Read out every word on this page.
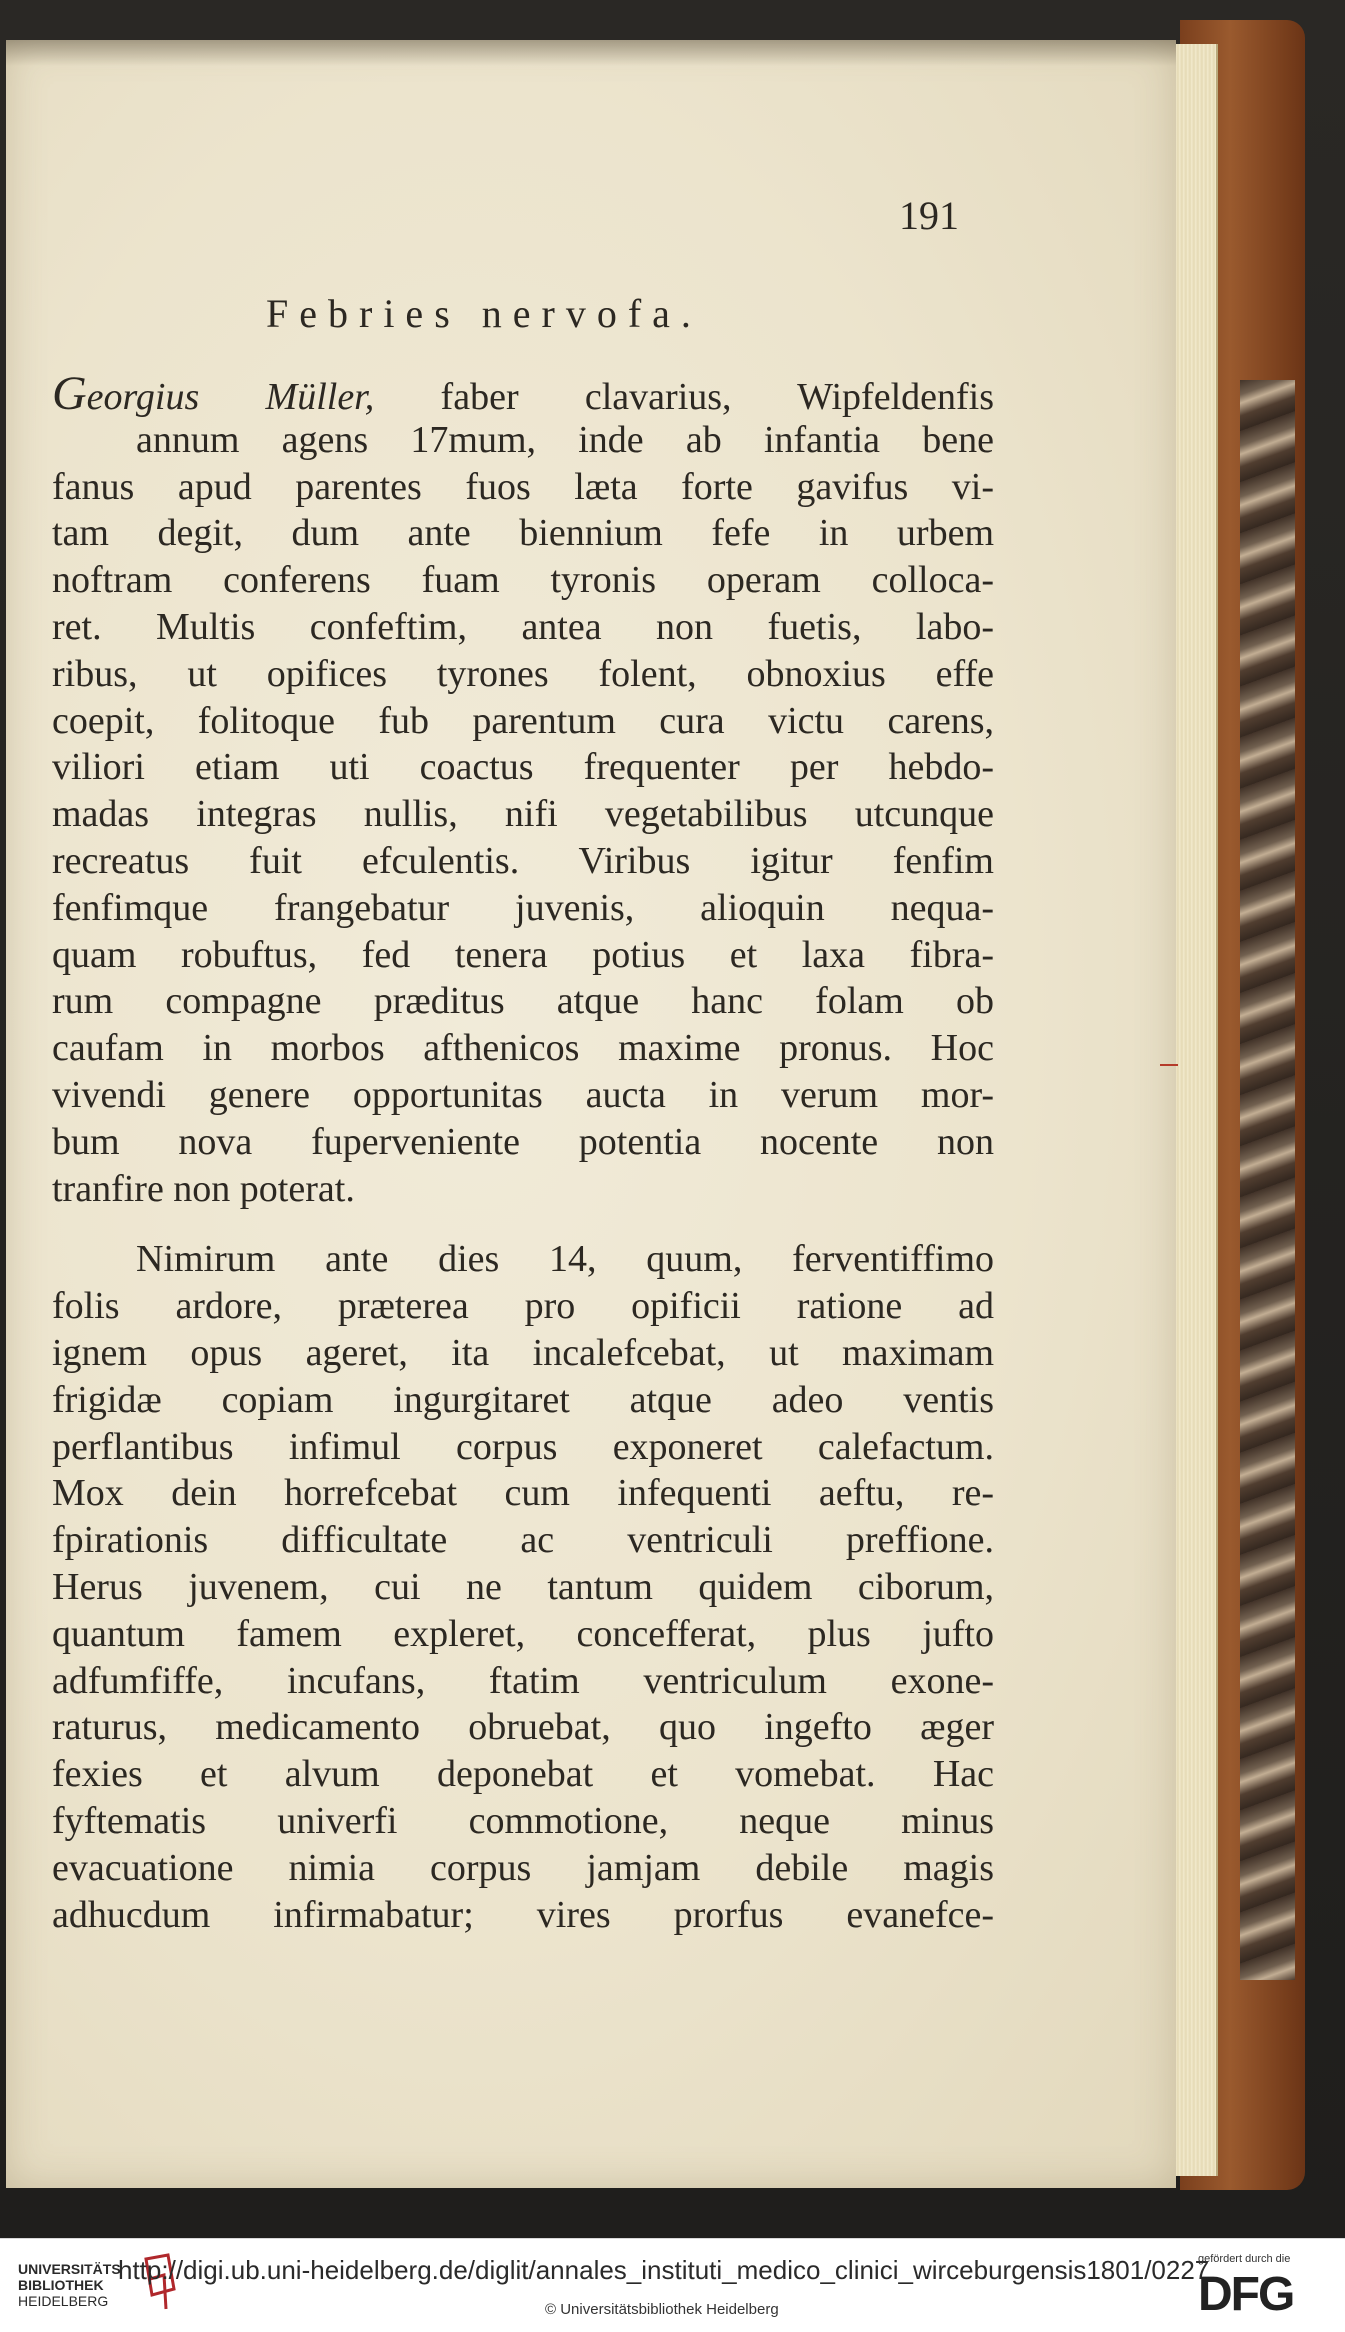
191
Febries nervofa.
Georgius Müller, faber clavarius, Wipfeldenfis
annum agens 17mum, inde ab infantia bene
fanus apud parentes fuos læta forte gavifus vi-
tam degit, dum ante biennium fefe in urbem
noftram conferens fuam tyronis operam colloca-
ret. Multis confeftim, antea non fuetis, labo-
ribus, ut opifices tyrones folent, obnoxius effe
coepit, folitoque fub parentum cura victu carens,
viliori etiam uti coactus frequenter per hebdo-
madas integras nullis, nifi vegetabilibus utcunque
recreatus fuit efculentis. Viribus igitur fenfim
fenfimque frangebatur juvenis, alioquin nequa-
quam robuftus, fed tenera potius et laxa fibra-
rum compagne præditus atque hanc folam ob
caufam in morbos afthenicos maxime pronus. Hoc
vivendi genere opportunitas aucta in verum mor-
bum nova fuperveniente potentia nocente non
tranfire non poterat.
Nimirum ante dies 14, quum, ferventiffimo
folis ardore, præterea pro opificii ratione ad
ignem opus ageret, ita incalefcebat, ut maximam
frigidæ copiam ingurgitaret atque adeo ventis
perflantibus infimul corpus exponeret calefactum.
Mox dein horrefcebat cum infequenti aeftu, re-
fpirationis difficultate ac ventriculi preffione.
Herus juvenem, cui ne tantum quidem ciborum,
quantum famem expleret, concefferat, plus jufto
adfumfiffe, incufans, ftatim ventriculum exone-
raturus, medicamento obruebat, quo ingefto æger
fexies et alvum deponebat et vomebat. Hac
fyftematis univerfi commotione, neque minus
evacuatione nimia corpus jamjam debile magis
adhucdum infirmabatur; vires prorfus evanefce-
UNIVERSITÄTS
BIBLIOTHEK
HEIDELBERG
http://digi.ub.uni-heidelberg.de/diglit/annales_instituti_medico_clinici_wirceburgensis1801/0227
© Universitätsbibliothek Heidelberg
gefördert durch die
DFG
